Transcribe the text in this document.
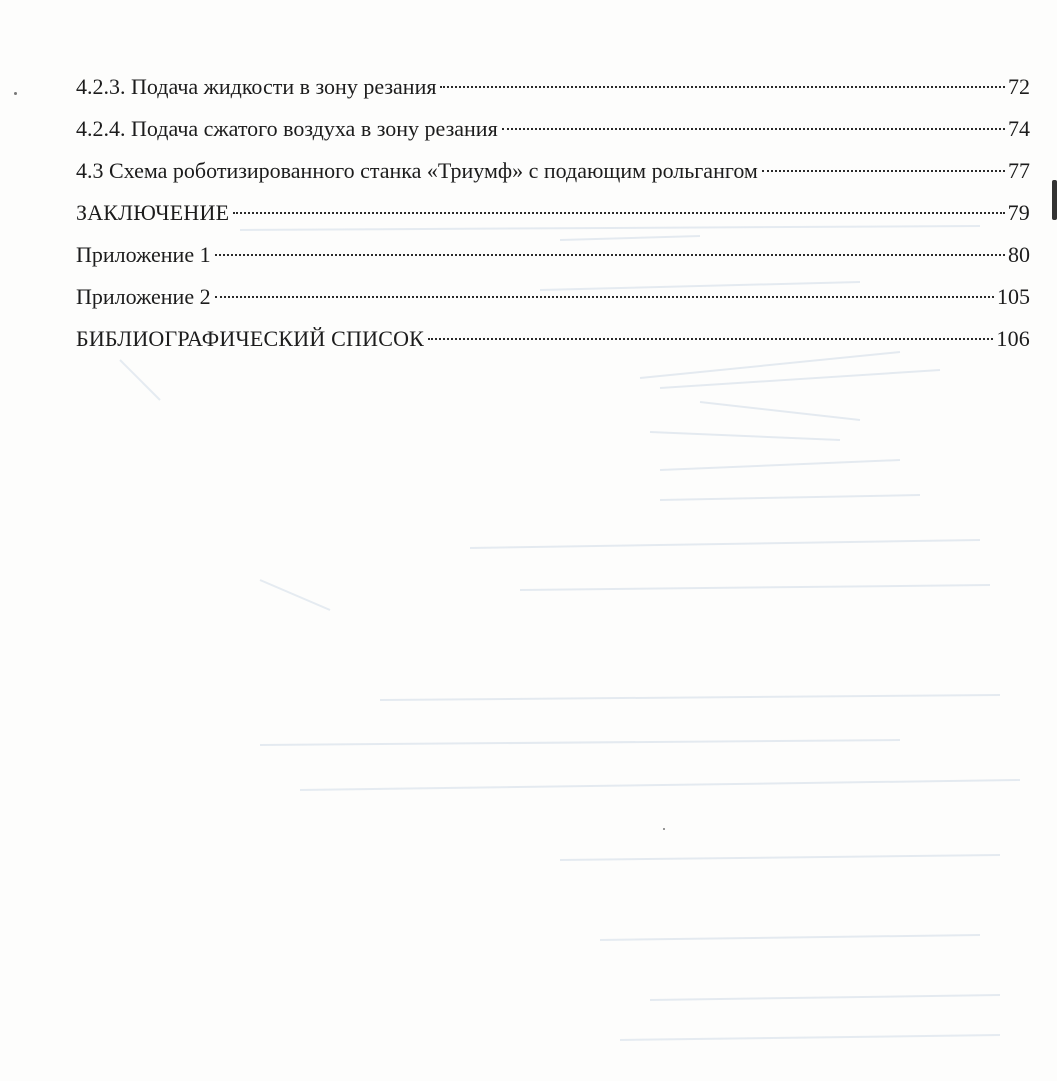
4.2.3. Подача жидкости в зону резания	72
4.2.4. Подача сжатого воздуха в зону резания	74
4.3 Схема роботизированного станка «Триумф» с подающим рольгангом	77
ЗАКЛЮЧЕНИЕ	79
Приложение 1	80
Приложение 2	105
БИБЛИОГРАФИЧЕСКИЙ СПИСОК	106
